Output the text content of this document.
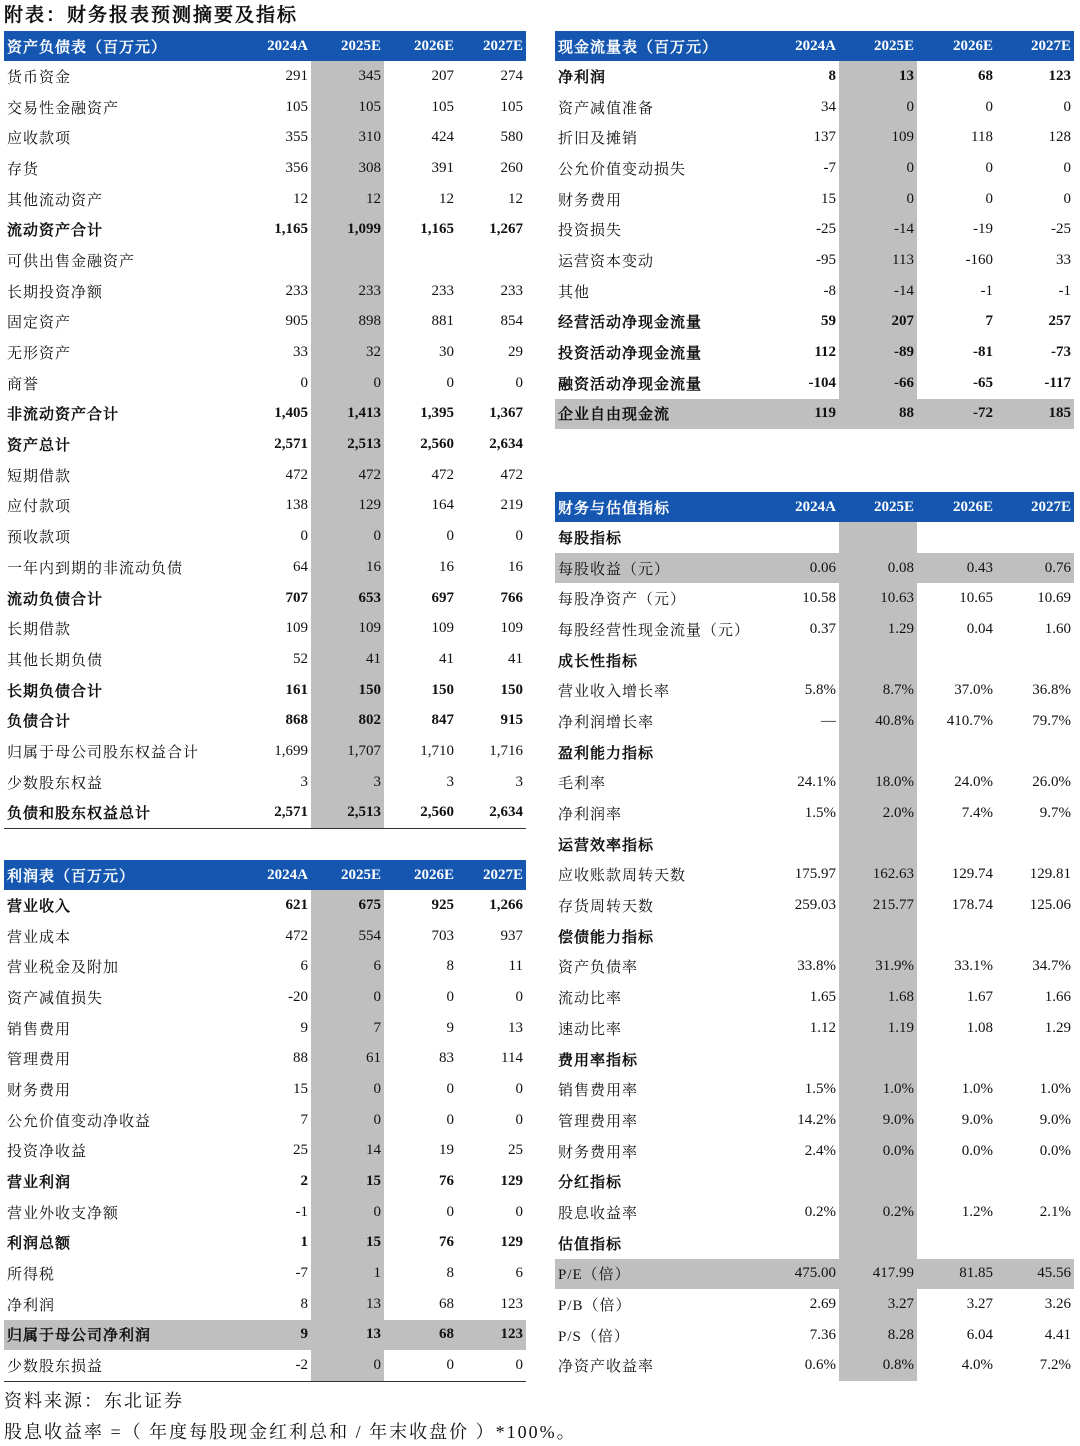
附表：财务报表预测摘要及指标
资产负债表（百万元）	2024A	2025E	2026E	2027E
货币资金	291	345	207	274
交易性金融资产	105	105	105	105
应收款项	355	310	424	580
存货	356	308	391	260
其他流动资产	12	12	12	12
流动资产合计	1,165	1,099	1,165	1,267
可供出售金融资产				
长期投资净额	233	233	233	233
固定资产	905	898	881	854
无形资产	33	32	30	29
商誉	0	0	0	0
非流动资产合计	1,405	1,413	1,395	1,367
资产总计	2,571	2,513	2,560	2,634
短期借款	472	472	472	472
应付款项	138	129	164	219
预收款项	0	0	0	0
一年内到期的非流动负债	64	16	16	16
流动负债合计	707	653	697	766
长期借款	109	109	109	109
其他长期负债	52	41	41	41
长期负债合计	161	150	150	150
负债合计	868	802	847	915
归属于母公司股东权益合计	1,699	1,707	1,710	1,716
少数股东权益	3	3	3	3
负债和股东权益总计	2,571	2,513	2,560	2,634
现金流量表（百万元）	2024A	2025E	2026E	2027E
净利润	8	13	68	123
资产减值准备	34	0	0	0
折旧及摊销	137	109	118	128
公允价值变动损失	-7	0	0	0
财务费用	15	0	0	0
投资损失	-25	-14	-19	-25
运营资本变动	-95	113	-160	33
其他	-8	-14	-1	-1
经营活动净现金流量	59	207	7	257
投资活动净现金流量	112	-89	-81	-73
融资活动净现金流量	-104	-66	-65	-117
企业自由现金流	119	88	-72	185
利润表（百万元）	2024A	2025E	2026E	2027E
营业收入	621	675	925	1,266
营业成本	472	554	703	937
营业税金及附加	6	6	8	11
资产减值损失	-20	0	0	0
销售费用	9	7	9	13
管理费用	88	61	83	114
财务费用	15	0	0	0
公允价值变动净收益	7	0	0	0
投资净收益	25	14	19	25
营业利润	2	15	76	129
营业外收支净额	-1	0	0	0
利润总额	1	15	76	129
所得税	-7	1	8	6
净利润	8	13	68	123
归属于母公司净利润	9	13	68	123
少数股东损益	-2	0	0	0
财务与估值指标	2024A	2025E	2026E	2027E
每股指标				
每股收益（元）	0.06	0.08	0.43	0.76
每股净资产（元）	10.58	10.63	10.65	10.69
每股经营性现金流量（元）	0.37	1.29	0.04	1.60
成长性指标				
营业收入增长率	5.8%	8.7%	37.0%	36.8%
净利润增长率	—	40.8%	410.7%	79.7%
盈利能力指标				
毛利率	24.1%	18.0%	24.0%	26.0%
净利润率	1.5%	2.0%	7.4%	9.7%
运营效率指标				
应收账款周转天数	175.97	162.63	129.74	129.81
存货周转天数	259.03	215.77	178.74	125.06
偿债能力指标				
资产负债率	33.8%	31.9%	33.1%	34.7%
流动比率	1.65	1.68	1.67	1.66
速动比率	1.12	1.19	1.08	1.29
费用率指标				
销售费用率	1.5%	1.0%	1.0%	1.0%
管理费用率	14.2%	9.0%	9.0%	9.0%
财务费用率	2.4%	0.0%	0.0%	0.0%
分红指标				
股息收益率	0.2%	0.2%	1.2%	2.1%
估值指标				
P/E（倍）	475.00	417.99	81.85	45.56
P/B（倍）	2.69	3.27	3.27	3.26
P/S（倍）	7.36	8.28	6.04	4.41
净资产收益率	0.6%	0.8%	4.0%	7.2%
资料来源：东北证券
股息收益率 =（ 年度每股现金红利总和 / 年末收盘价 ）*100%。
